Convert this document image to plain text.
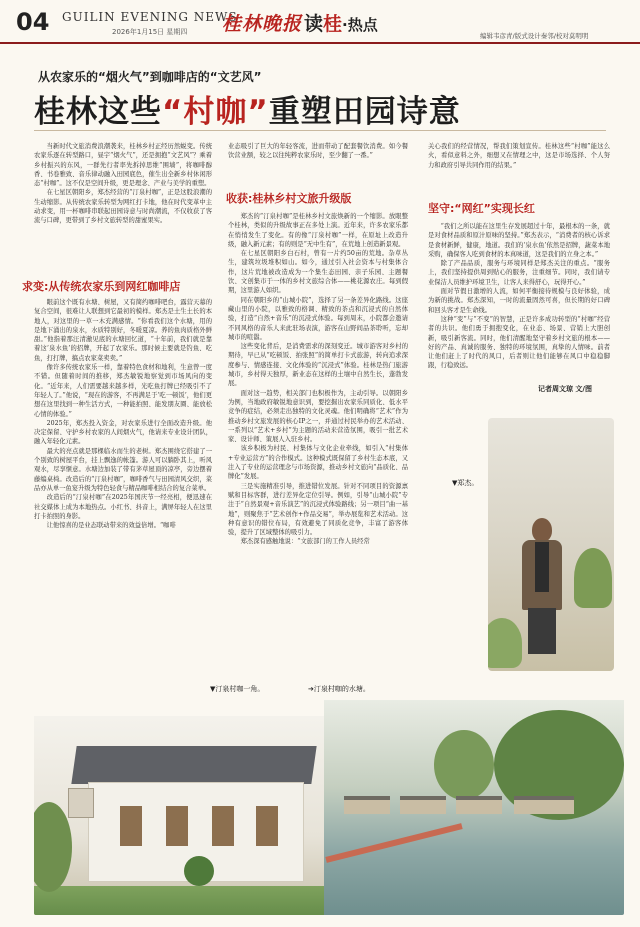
04 GUILIN EVENING NEWS
2026年1月15日 星期四 桂林晚报 读桂·热点
编辑韦彦青/版式设计秦邻/校对莫明明
从农家乐的“烟火气”到咖啡店的“文艺风”
桂林这些“村咖”重塑田园诗意

当新时代文旅消费浪潮袭来，桂林乡村正经历然蜕变。传统农家乐逐在转型路口，昼宇“烟火气”，还是拥抱“文艺风”？乘着乡村振兴的东风，一群先行者率先拆掉思维“围墙”，将咖啡醇香、书卷雅致、音乐律动融入田园底色，催生出全新乡村休闲形态“村咖”。这不仅是空间升级，更是理念、产业与美学的重塑。

在七星区朝阳乡，郑杰经营的“汀泉村咖”，正是这股浪潮的生动缩影。从传统农家乐转型为网红打卡地，他在时代变革中主动求变，用一杯咖啡串联起田园诗意与时尚潮流，不仅收获了客流与口碑，更带到了乡村文旅转型的甜蜜果实。

求变:从传统农家乐到网红咖啡店

眼前这个既有水塘、树屋，又有简约咖啡吧台，露营天幕的复合空间，很难让人联想到它最初的模样。郑杰是土生土长的本地人，对这里的一草一木充满感情。“你看我们这个水塘，用的是地下涌出的泉水，水质特别好，冬暖夏凉。养的鱼肉质格外鲜甜。”他指着那汪清澈见底的水塘回忆道，“十年前，我们就是靠着这‘泉水鱼’的招牌，开起了农家乐。那时候主要就是钓鱼、吃鱼，打打牌，搞点农家菜卖卖。”

像许多传统农家乐一样，靠着特色食材和地利，生意曾一度不错。但随着时间的推移，郑杰敏锐地察觉到市场风向的变化。“近年来，人们需要越来越多样，光吃鱼打牌已经吸引不了年轻人了。”他说，“现在的游客，不再满足于‘吃一顿饭’，他们更想在这里找到一种生活方式，一种能拍照、能发朋友圈、能放松心情的体验。”

2025年，郑杰投入资金，对农家乐进行全面改造升级。他决定保留、守护乡村农家的人间烟火气，他请来专业设计团队，融入年轻化元素。

最大的亮点就是那棵临水而生的老树。郑杰围绕它搭建了一个别致的树屋平台，挂上飘逸的帐篷。游人可以躺卧其上，听风观水，尽享惬意。水塘边加装了带有茅草屋顶的凉亭，旁边摆着藤编桌椅。改造后的“汀泉村咖”，咖啡香气与田园清风交织，菜品亦从单一鱼宴升级为特色轻食与精品咖啡相结合的复合菜单。

改造后的“汀泉村咖”在2025年国庆节一经亮相，便迅速在社交媒体上成为本地热点。小红书、抖音上，满屏年轻人在这里打卡拍照的身影。

让他惊喜的是业态联动带来的效益倍增。“咖啡

业态吸引了巨大的年轻客流，进而带动了配套餐饮消费。如今餐饮营业额，较之以往纯粹农家乐时，至少翻了一番。”

收获:桂林乡村文旅升级版

郑杰的“汀泉村咖”是桂林乡村文旅焕新的一个缩影。放眼整个桂林，类似的升级故事正在多处上演。近年来，许多农家乐都在悄悄发生了变化。有的像“汀泉村咖”一样，在原址上改造升级，融入新元素；有的则是“无中生有”，在荒地上创造新景观。

在七星区朝阳乡白石村，曾有一片约50亩的荒地。杂草丛生，建筑垃圾堆积如山。如今，通过引入社会资本与村集体合作，这片荒地被改造成为一个集生态田园、亲子乐园、主题餐饮、文创集市于一体的乡村文旅综合体——桃花源农庄。每到假期，这里游人如织。

同在朝阳乡的“山城小院”，选择了另一条差异化路线。这座藏山里的小院，以雅致的格调、精致的茶点和沉浸式的自然体验，打造“自然+音乐”的沉浸式体验。每到周末，小院都会邀请不同风格的音乐人来此驻场表演，游客在山野间品茶聆听，忘却城市的喧嚣。

这些变化背后，是消费需求的深刻变迁。城市游客对乡村的期待，早已从“吃顿饭、拍张照”的简单打卡式旅游，转向追求深度参与、情感连接、文化体验的“沉浸式”体验。桂林是热门旅游城市，乡村得天独厚，新业态在这样的土壤中自然生长，蓬勃发展。

面对这一趋势，相关部门也积极作为，主动引导。以朝阳乡为例，当地政府敏锐地意识到，要挖掘出农家乐同质化、低水平竞争的症结，必须走出独特的文化灵魂。他们明确将“艺术”作为推动乡村文旅发展的核心IP之一，并通过村民举办的艺术活动、一系列以“艺术+乡村”为主题的活动来营造氛围，吸引一批艺术家、设计师、策展人入驻乡村。

该乡积极为村民、村集体与文化企业牵线，如引入“村集体+专业运营方”的合作模式。这种模式既保留了乡村生态本底，又注入了专业的运营理念与市场资源，推动乡村文旅向“品质化、品牌化”发展。

三是实施精准引导，推进错位发展。针对不同项目的资源禀赋和目标客群，进行差异化定位引导。例如，引导“山城小院”专注于“自然景观+音乐演艺”的沉浸式体验路线；另一项目“曲一基地”，则聚焦于“艺术创作+作品交易”，举办展览和艺术活动。这种有意识的错位布局，有效避免了同质化竞争，丰富了游客体验，提升了区域整体的吸引力。

郑杰深有感触地说：“文旅部门的工作人员经常

关心我们的经营情况，帮我们策划宣传。桂林这些“村咖”能这么火，看似意料之外，细想又在情理之中，这是市场选择、个人努力和政府引导共同作用的结果。”

坚守:“网红”实现长红

“我们之所以能在这里生存发展超过十年，最根本的一条，就是对食材品质和原汁原味的坚持。”郑杰表示，“消费者的核心诉求是食材新鲜，健康，地道。我们的‘泉水鱼’依然是招牌，蔬菜本地采购，确保客人吃到食材的本真味道，这是我们的立身之本。”

除了产品品质，服务与环境同样是郑杰关注的重点。“服务上，我们坚持提供周到贴心的服务，注重细节。同时，我们请专业保洁人员维护环境卫生，让客人来得舒心，玩得开心。”

面对节假日激增的人流，如何平衡接待规模与良好体验，成为新的挑战。郑杰深知，一时的流量固然可喜，但长期的好口碑和回头客才是生命线。

这种“变”与“不变”的智慧，正是许多成功转型的“村咖”经营者的共识。他们勇于拥抱变化，在业态、场景、营销上大胆创新，吸引新客流。同时，他们清醒地坚守着乡村文旅的根本——好的产品、真诚的服务、独特的环境氛围，真挚的人情味。前者让他们赶上了时代的风口，后者则让他们能够在风口中稳稳脚跟，行稳致远。

记者周文琼 文/图
▼郑杰。
▼汀泉村咖一角。	➔汀泉村咖的水塘。
